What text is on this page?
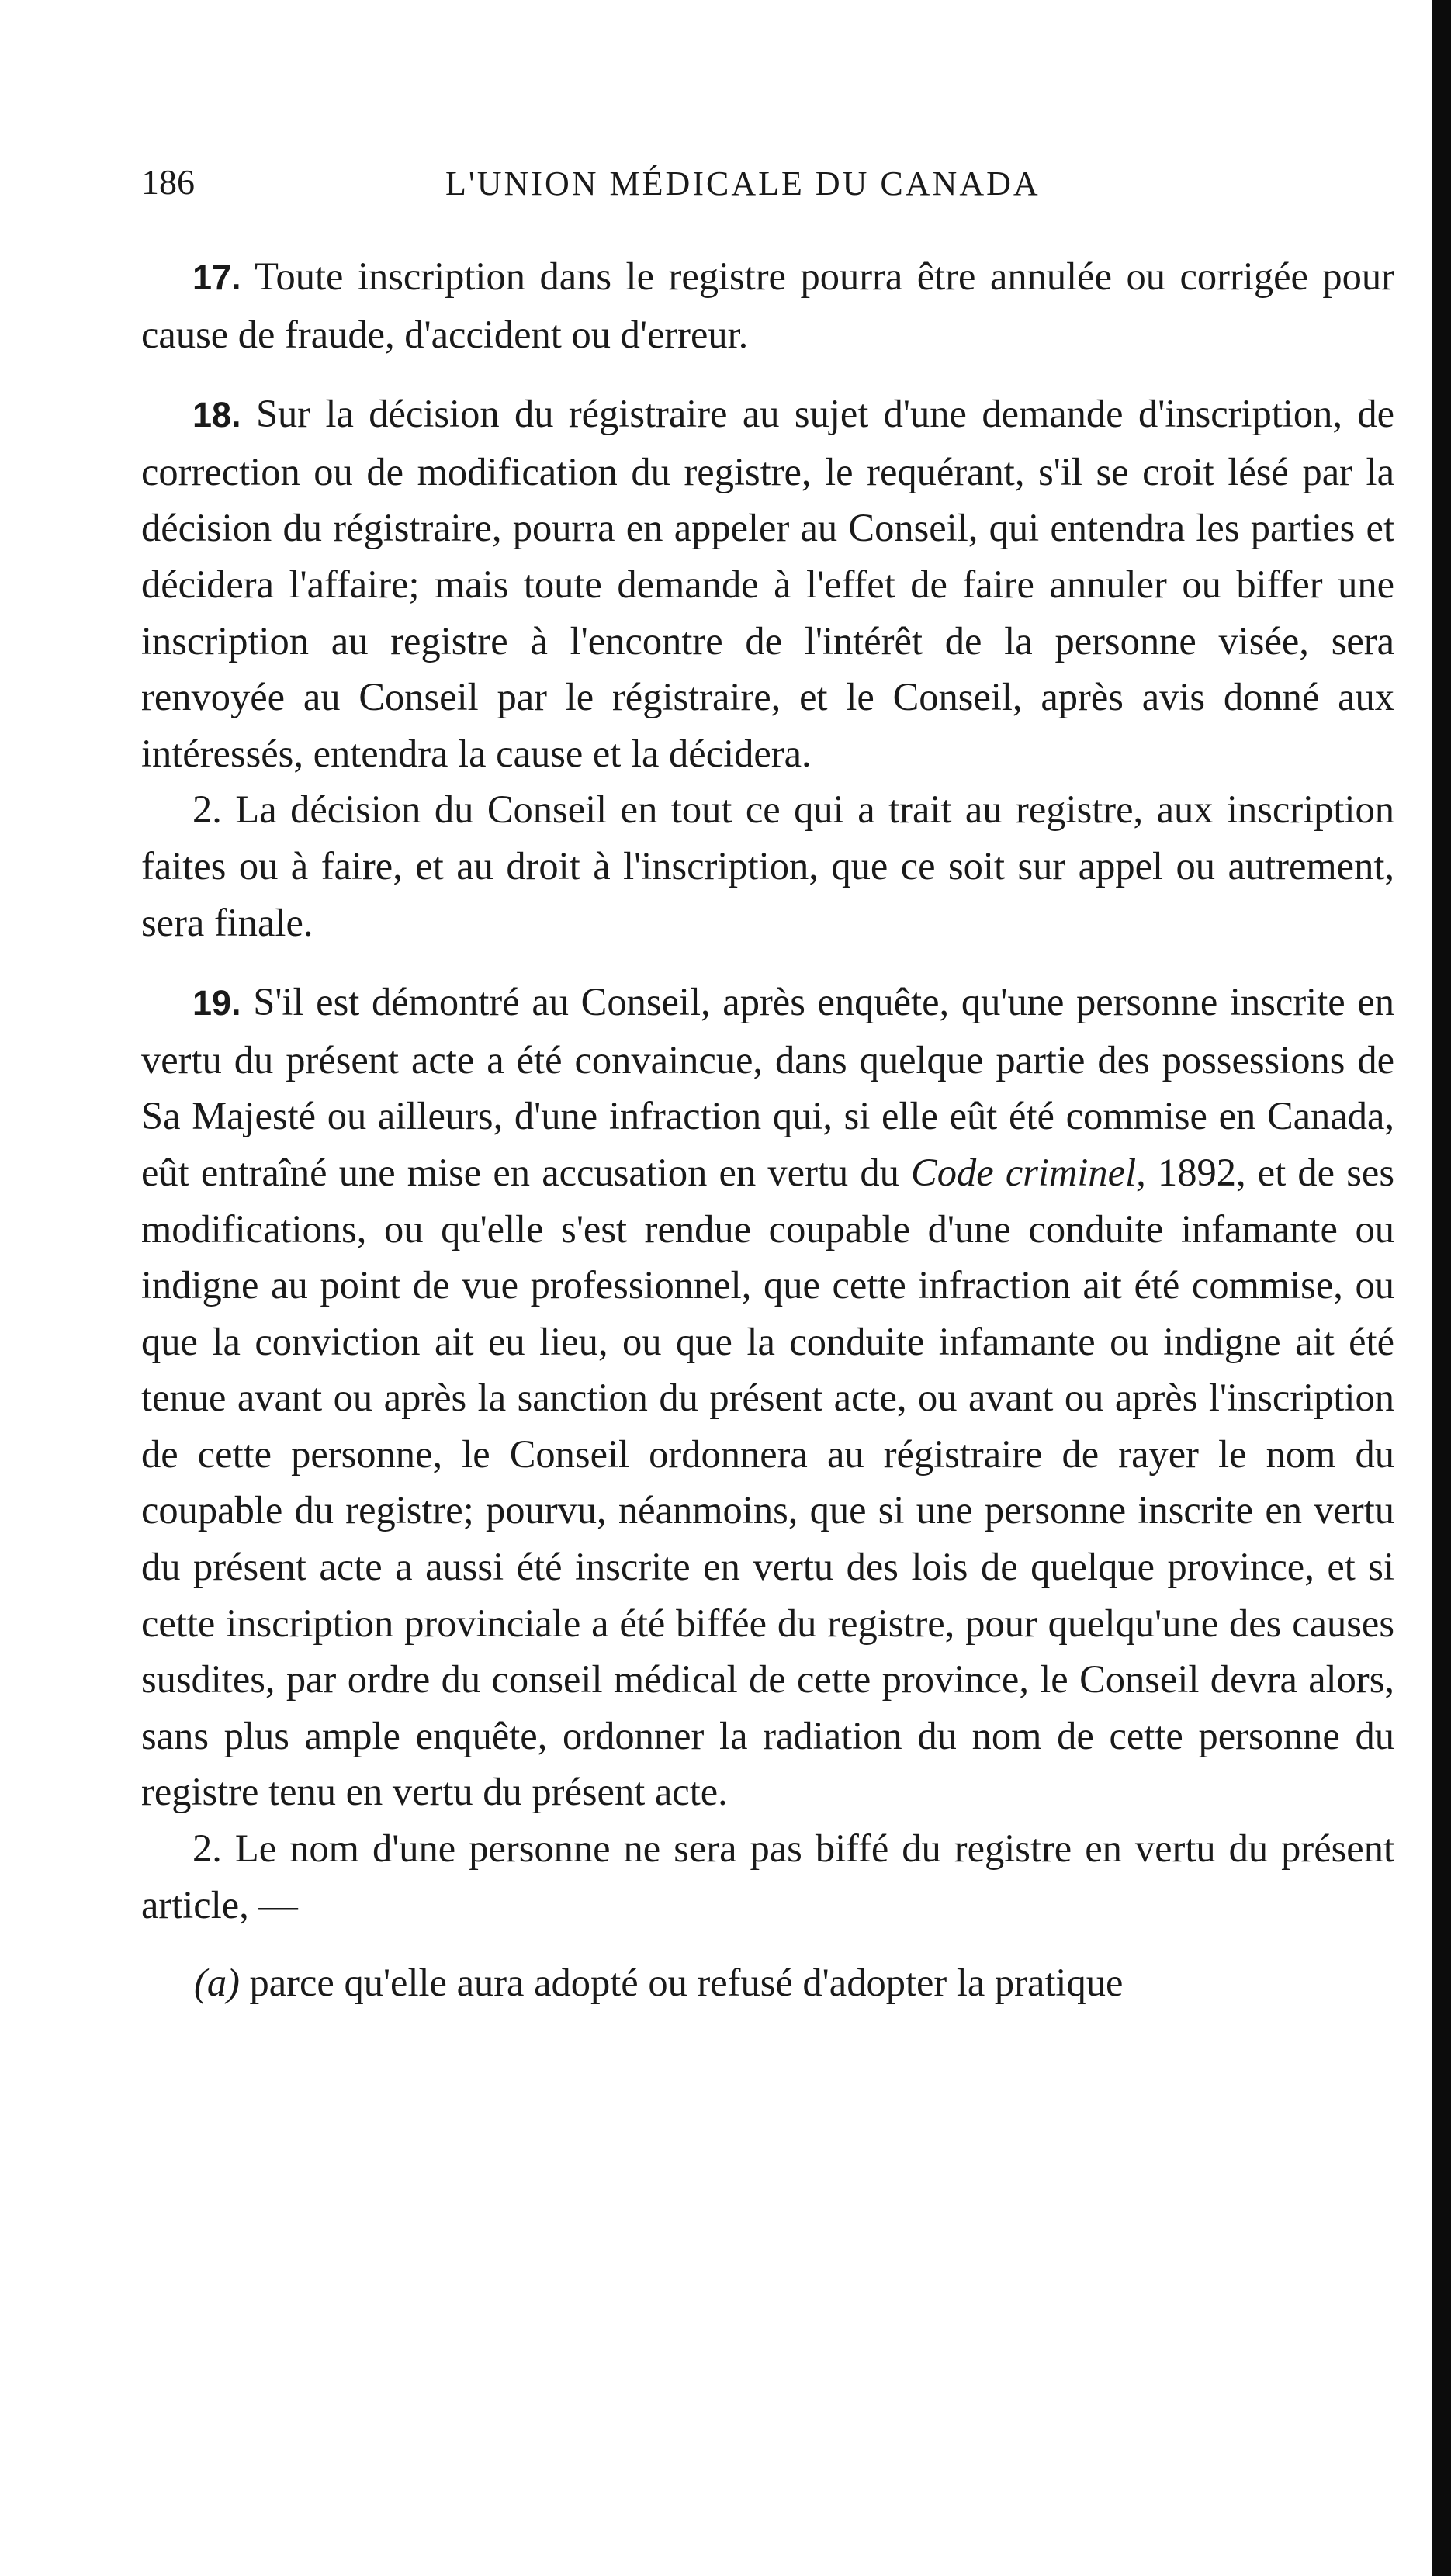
186	L'UNION MÉDICALE DU CANADA

17. Toute inscription dans le registre pourra être annulée ou corrigée pour cause de fraude, d'accident ou d'erreur.

18. Sur la décision du régistraire au sujet d'une demande d'inscription, de correction ou de modification du registre, le requérant, s'il se croit lésé par la décision du régistraire, pourra en appeler au Conseil, qui entendra les parties et décidera l'affaire; mais toute demande à l'effet de faire annuler ou biffer une inscription au registre à l'encontre de l'intérêt de la personne visée, sera renvoyée au Conseil par le régistraire, et le Conseil, après avis donné aux intéressés, entendra la cause et la décidera.

2. La décision du Conseil en tout ce qui a trait au registre, aux inscription faites ou à faire, et au droit à l'inscription, que ce soit sur appel ou autrement, sera finale.

19. S'il est démontré au Conseil, après enquête, qu'une personne inscrite en vertu du présent acte a été convaincue, dans quelque partie des possessions de Sa Majesté ou ailleurs, d'une infraction qui, si elle eût été commise en Canada, eût entraîné une mise en accusation en vertu du Code criminel, 1892, et de ses modifications, ou qu'elle s'est rendue coupable d'une conduite infamante ou indigne au point de vue professionnel, que cette infraction ait été commise, ou que la conviction ait eu lieu, ou que la conduite infamante ou indigne ait été tenue avant ou après la sanction du présent acte, ou avant ou après l'inscription de cette personne, le Conseil ordonnera au régistraire de rayer le nom du coupable du registre; pourvu, néanmoins, que si une personne inscrite en vertu du présent acte a aussi été inscrite en vertu des lois de quelque province, et si cette inscription provinciale a été biffée du registre, pour quelqu'une des causes susdites, par ordre du conseil médical de cette province, le Conseil devra alors, sans plus ample enquête, ordonner la radiation du nom de cette personne du registre tenu en vertu du présent acte.

2. Le nom d'une personne ne sera pas biffé du registre en vertu du présent article, —

(a) parce qu'elle aura adopté ou refusé d'adopter la pratique
